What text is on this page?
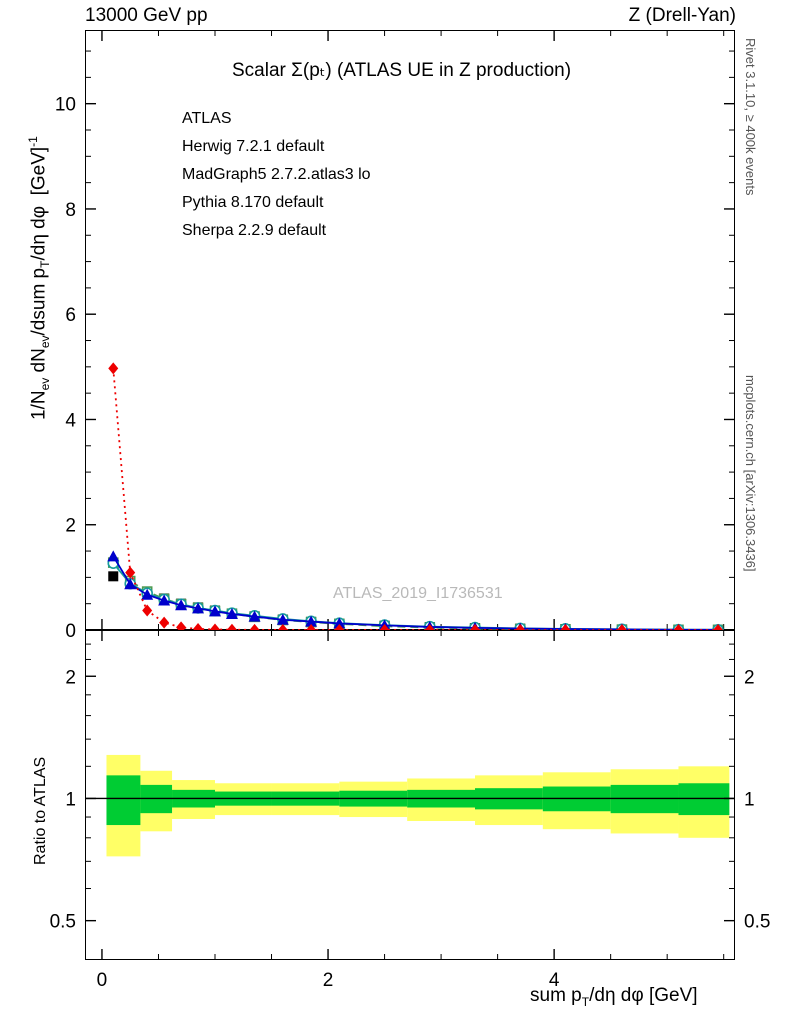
13000 GeV pp	Z (Drell-Yan)
Rivet 3.1.10, ≥ 400k events
mcplots.cern.ch [arXiv:1306.3436]
Scalar Σ(pₜ) (ATLAS UE in Z production)
ATLAS_2019_I1736531
$1/N_{ev}$ $dN_{ev}$/dsum $p_T/d\eta$ dφ  [GeV]$^{-1}$
Ratio to ATLAS
sum $p_T/d\eta$ dφ [GeV]
0
2
4
6
8
10
0.5	0.5
1	1
2	2
0	2	4
ATLAS
Herwig 7.2.1 default
MadGraph5 2.7.2.atlas3 lo
Pythia 8.170 default
Sherpa 2.2.9 default
